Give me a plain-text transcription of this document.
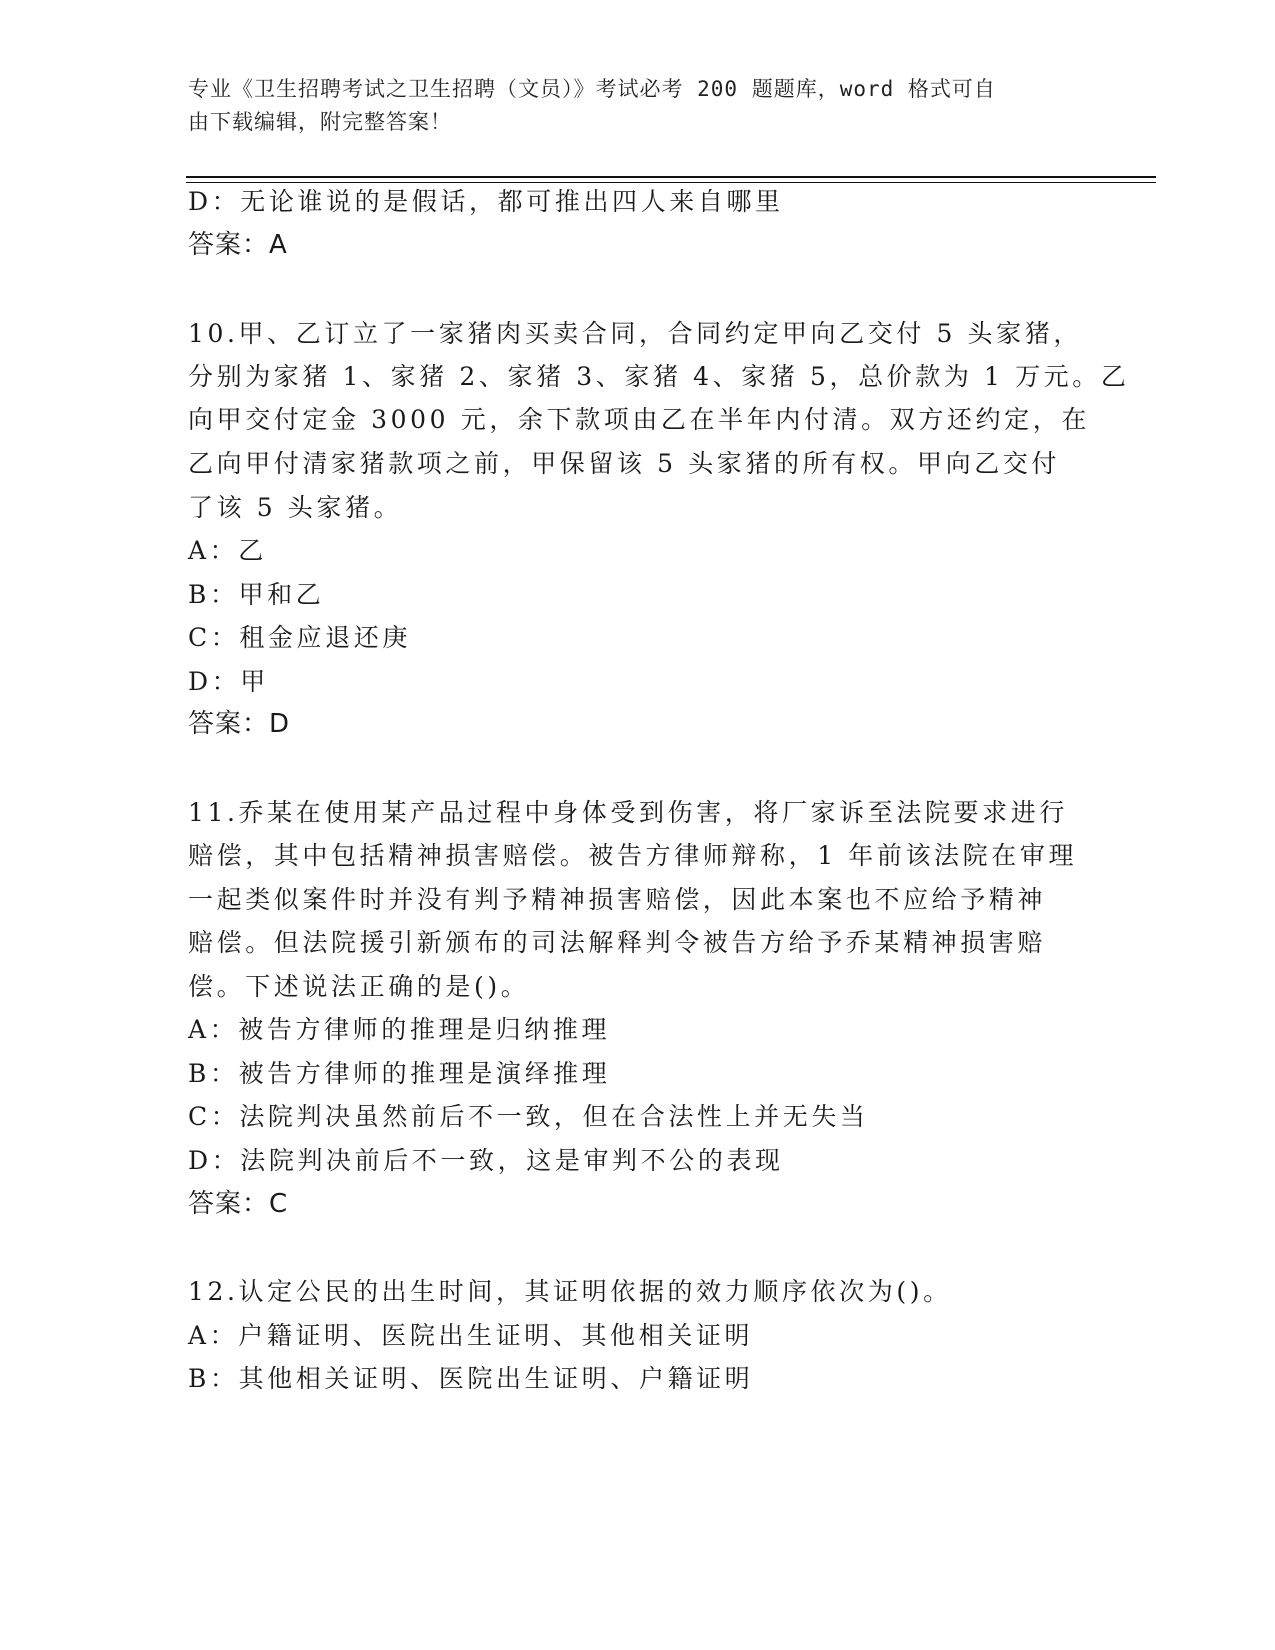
专业《卫生招聘考试之卫生招聘（文员）》考试必考 200 题题库，word 格式可自
由下载编辑，附完整答案！
D：无论谁说的是假话，都可推出四人来自哪里
答案：A
10.甲、乙订立了一家猪肉买卖合同，合同约定甲向乙交付 5 头家猪，
分别为家猪 1、家猪 2、家猪 3、家猪 4、家猪 5，总价款为 1 万元。乙
向甲交付定金 3000 元，余下款项由乙在半年内付清。双方还约定，在
乙向甲付清家猪款项之前，甲保留该 5 头家猪的所有权。甲向乙交付
了该 5 头家猪。
A：乙
B：甲和乙
C：租金应退还庚
D：甲
答案：D
11.乔某在使用某产品过程中身体受到伤害，将厂家诉至法院要求进行
赔偿，其中包括精神损害赔偿。被告方律师辩称，1 年前该法院在审理
一起类似案件时并没有判予精神损害赔偿，因此本案也不应给予精神
赔偿。但法院援引新颁布的司法解释判令被告方给予乔某精神损害赔
偿。下述说法正确的是()。
A：被告方律师的推理是归纳推理
B：被告方律师的推理是演绎推理
C：法院判决虽然前后不一致，但在合法性上并无失当
D：法院判决前后不一致，这是审判不公的表现
答案：C
12.认定公民的出生时间，其证明依据的效力顺序依次为()。
A：户籍证明、医院出生证明、其他相关证明
B：其他相关证明、医院出生证明、户籍证明
